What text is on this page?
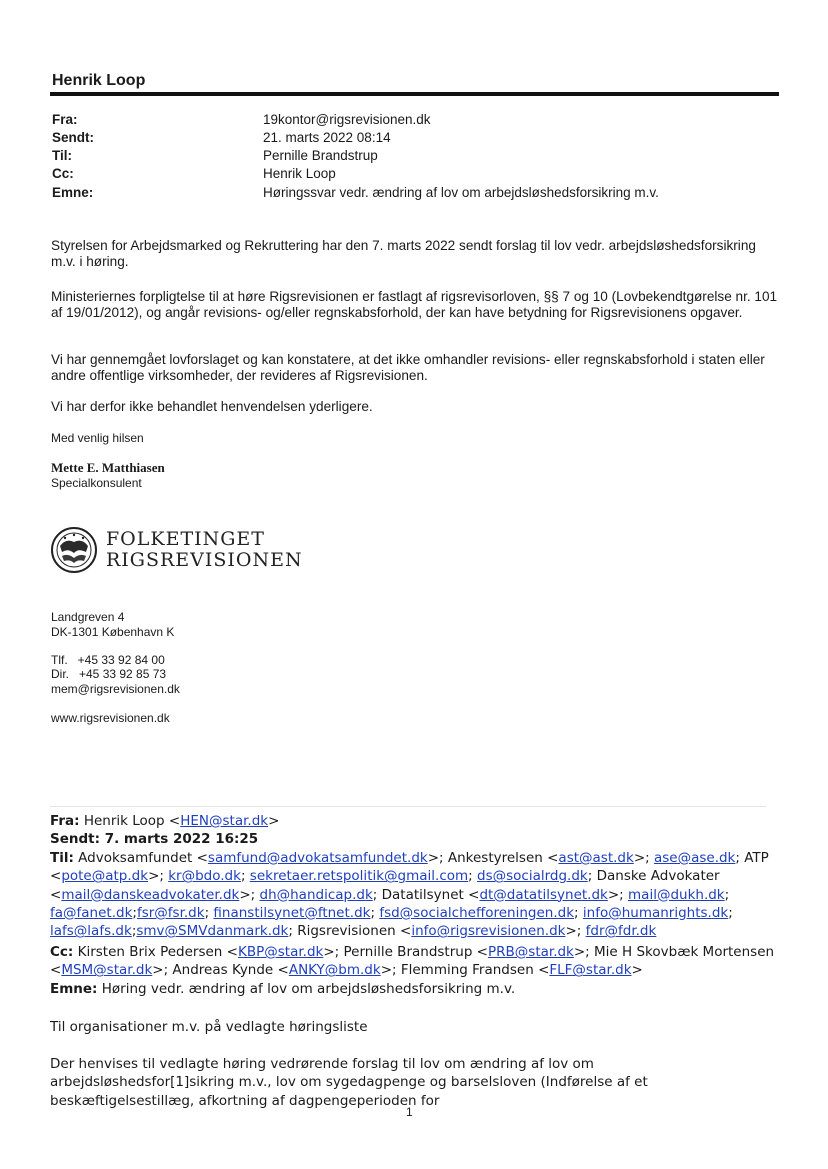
Henrik Loop
Fra:	19kontor@rigsrevisionen.dk
Sendt:	21. marts 2022 08:14
Til:	Pernille Brandstrup
Cc:	Henrik Loop
Emne:	Høringssvar vedr. ændring af lov om arbejdsløshedsforsikring m.v.
Styrelsen for Arbejdsmarked og Rekruttering har den 7. marts 2022 sendt forslag til lov vedr. arbejdsløshedsforsikring m.v. i høring.
Ministeriernes forpligtelse til at høre Rigsrevisionen er fastlagt af rigsrevisorloven, §§ 7 og 10 (Lovbekendtgørelse nr. 101 af 19/01/2012), og angår revisions- og/eller regnskabsforhold, der kan have betydning for Rigsrevisionens opgaver.
Vi har gennemgået lovforslaget og kan konstatere, at det ikke omhandler revisions- eller regnskabsforhold i staten eller andre offentlige virksomheder, der revideres af Rigsrevisionen.
Vi har derfor ikke behandlet henvendelsen yderligere.
Med venlig hilsen
Mette E. Matthiasen
Specialkonsulent
FOLKETINGET
RIGSREVISIONEN
Landgreven 4
DK-1301 København K
Tlf.   +45 33 92 84 00
Dir.   +45 33 92 85 73
mem@rigsrevisionen.dk
www.rigsrevisionen.dk
Fra: Henrik Loop <HEN@star.dk>
Sendt: 7. marts 2022 16:25
Til: Advoksamfundet <samfund@advokatsamfundet.dk>; Ankestyrelsen <ast@ast.dk>; ase@ase.dk; ATP <pote@atp.dk>; kr@bdo.dk; sekretaer.retspolitik@gmail.com; ds@socialrdg.dk; Danske Advokater <mail@danskeadvokater.dk>; dh@handicap.dk; Datatilsynet <dt@datatilsynet.dk>; mail@dukh.dk; fa@fanet.dk;fsr@fsr.dk; finanstilsynet@ftnet.dk; fsd@socialchefforeningen.dk; info@humanrights.dk; lafs@lafs.dk;smv@SMVdanmark.dk; Rigsrevisionen <info@rigsrevisionen.dk>; fdr@fdr.dk
Cc: Kirsten Brix Pedersen <KBP@star.dk>; Pernille Brandstrup <PRB@star.dk>; Mie H Skovbæk Mortensen <MSM@star.dk>; Andreas Kynde <ANKY@bm.dk>; Flemming Frandsen <FLF@star.dk>
Emne: Høring vedr. ændring af lov om arbejdsløshedsforsikring m.v.
Til organisationer m.v. på vedlagte høringsliste
Der henvises til vedlagte høring vedrørende forslag til lov om ændring af lov om arbejdsløshedsfor[1]sikring m.v., lov om sygedagpenge og barselsloven (Indførelse af et beskæftigelsestillæg, afkortning af dagpengeperioden for
1
